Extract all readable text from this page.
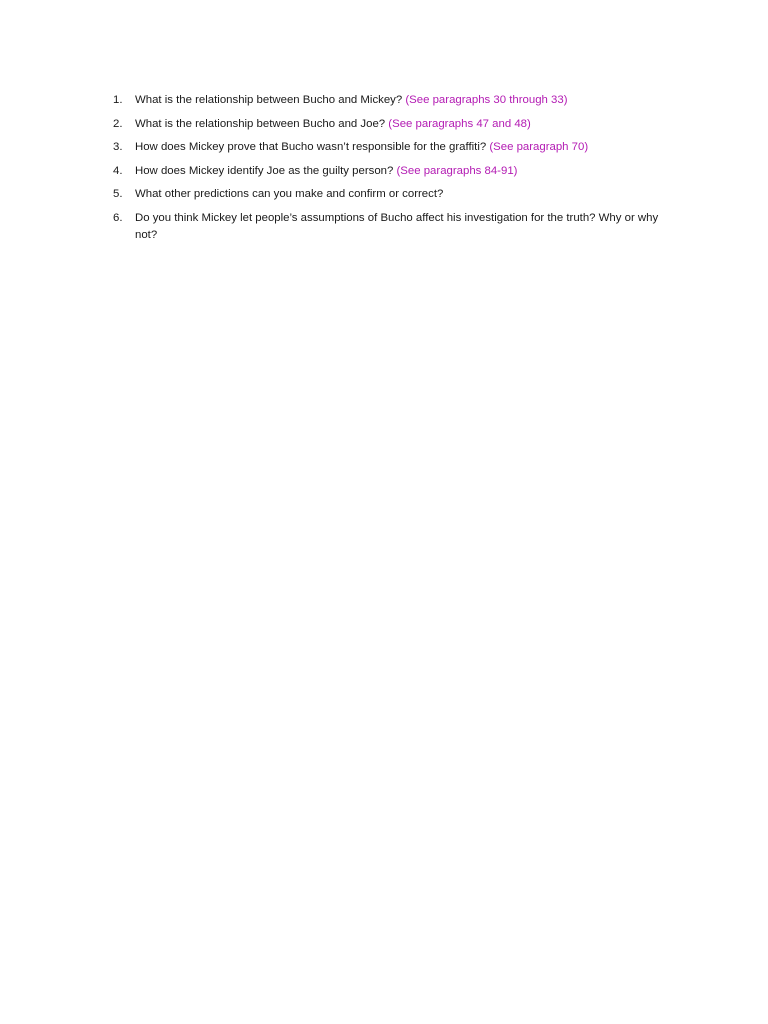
1.	What is the relationship between Bucho and Mickey? (See paragraphs 30 through 33)
2.	What is the relationship between Bucho and Joe? (See paragraphs 47 and 48)
3.	How does Mickey prove that Bucho wasn’t responsible for the graffiti? (See paragraph 70)
4.	How does Mickey identify Joe as the guilty person? (See paragraphs 84-91)
5.	What other predictions can you make and confirm or correct?
6.	Do you think Mickey let people’s assumptions of Bucho affect his investigation for the truth? Why or why not?
